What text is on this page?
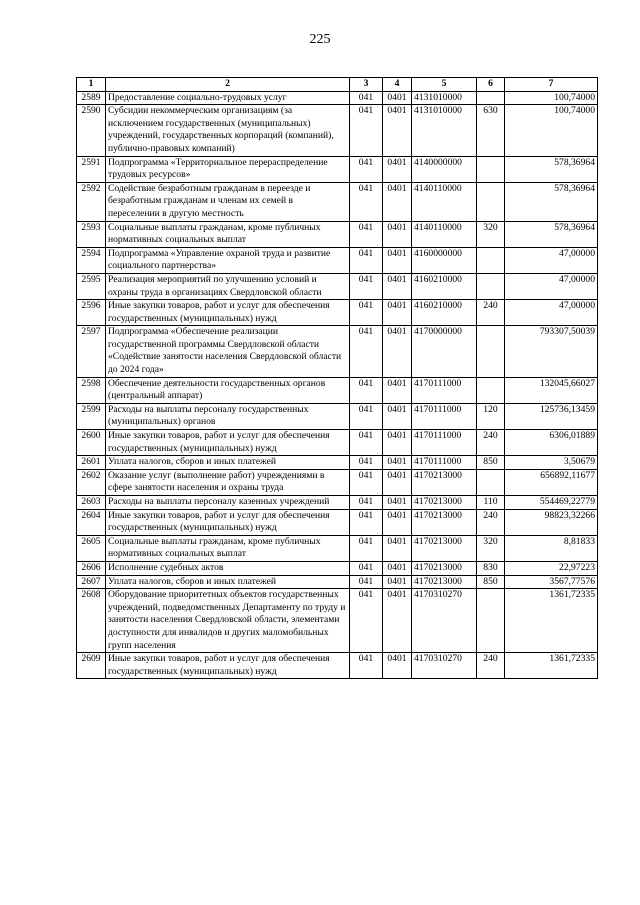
225
1	2	3	4	5	6	7
2589	Предоставление социально-трудовых услуг	041	0401	4131010000		100,74000
2590	Субсидии некоммерческим организациям (за исключением государственных (муниципальных) учреждений, государственных корпораций (компаний), публично-правовых компаний)	041	0401	4131010000	630	100,74000
2591	Подпрограмма «Территориальное перераспределение трудовых ресурсов»	041	0401	4140000000		578,36964
2592	Содействие безработным гражданам в переезде и безработным гражданам и членам их семей в переселении в другую местность	041	0401	4140110000		578,36964
2593	Социальные выплаты гражданам, кроме публичных нормативных социальных выплат	041	0401	4140110000	320	578,36964
2594	Подпрограмма «Управление охраной труда и развитие социального партнерства»	041	0401	4160000000		47,00000
2595	Реализация мероприятий по улучшению условий и охраны труда в организациях Свердловской области	041	0401	4160210000		47,00000
2596	Иные закупки товаров, работ и услуг для обеспечения государственных (муниципальных) нужд	041	0401	4160210000	240	47,00000
2597	Подпрограмма «Обеспечение реализации государственной программы Свердловской области «Содействие занятости населения Свердловской области до 2024 года»	041	0401	4170000000		793307,50039
2598	Обеспечение деятельности государственных органов (центральный аппарат)	041	0401	4170111000		132045,66027
2599	Расходы на выплаты персоналу государственных (муниципальных) органов	041	0401	4170111000	120	125736,13459
2600	Иные закупки товаров, работ и услуг для обеспечения государственных (муниципальных) нужд	041	0401	4170111000	240	6306,01889
2601	Уплата налогов, сборов и иных платежей	041	0401	4170111000	850	3,50679
2602	Оказание услуг (выполнение работ) учреждениями в сфере занятости населения и охраны труда	041	0401	4170213000		656892,11677
2603	Расходы на выплаты персоналу казенных учреждений	041	0401	4170213000	110	554469,22779
2604	Иные закупки товаров, работ и услуг для обеспечения государственных (муниципальных) нужд	041	0401	4170213000	240	98823,32266
2605	Социальные выплаты гражданам, кроме публичных нормативных социальных выплат	041	0401	4170213000	320	8,81833
2606	Исполнение судебных актов	041	0401	4170213000	830	22,97223
2607	Уплата налогов, сборов и иных платежей	041	0401	4170213000	850	3567,77576
2608	Оборудование приоритетных объектов государственных учреждений, подведомственных Департаменту по труду и занятости населения Свердловской области, элементами доступности для инвалидов и других маломобильных групп населения	041	0401	4170310270		1361,72335
2609	Иные закупки товаров, работ и услуг для обеспечения государственных (муниципальных) нужд	041	0401	4170310270	240	1361,72335
